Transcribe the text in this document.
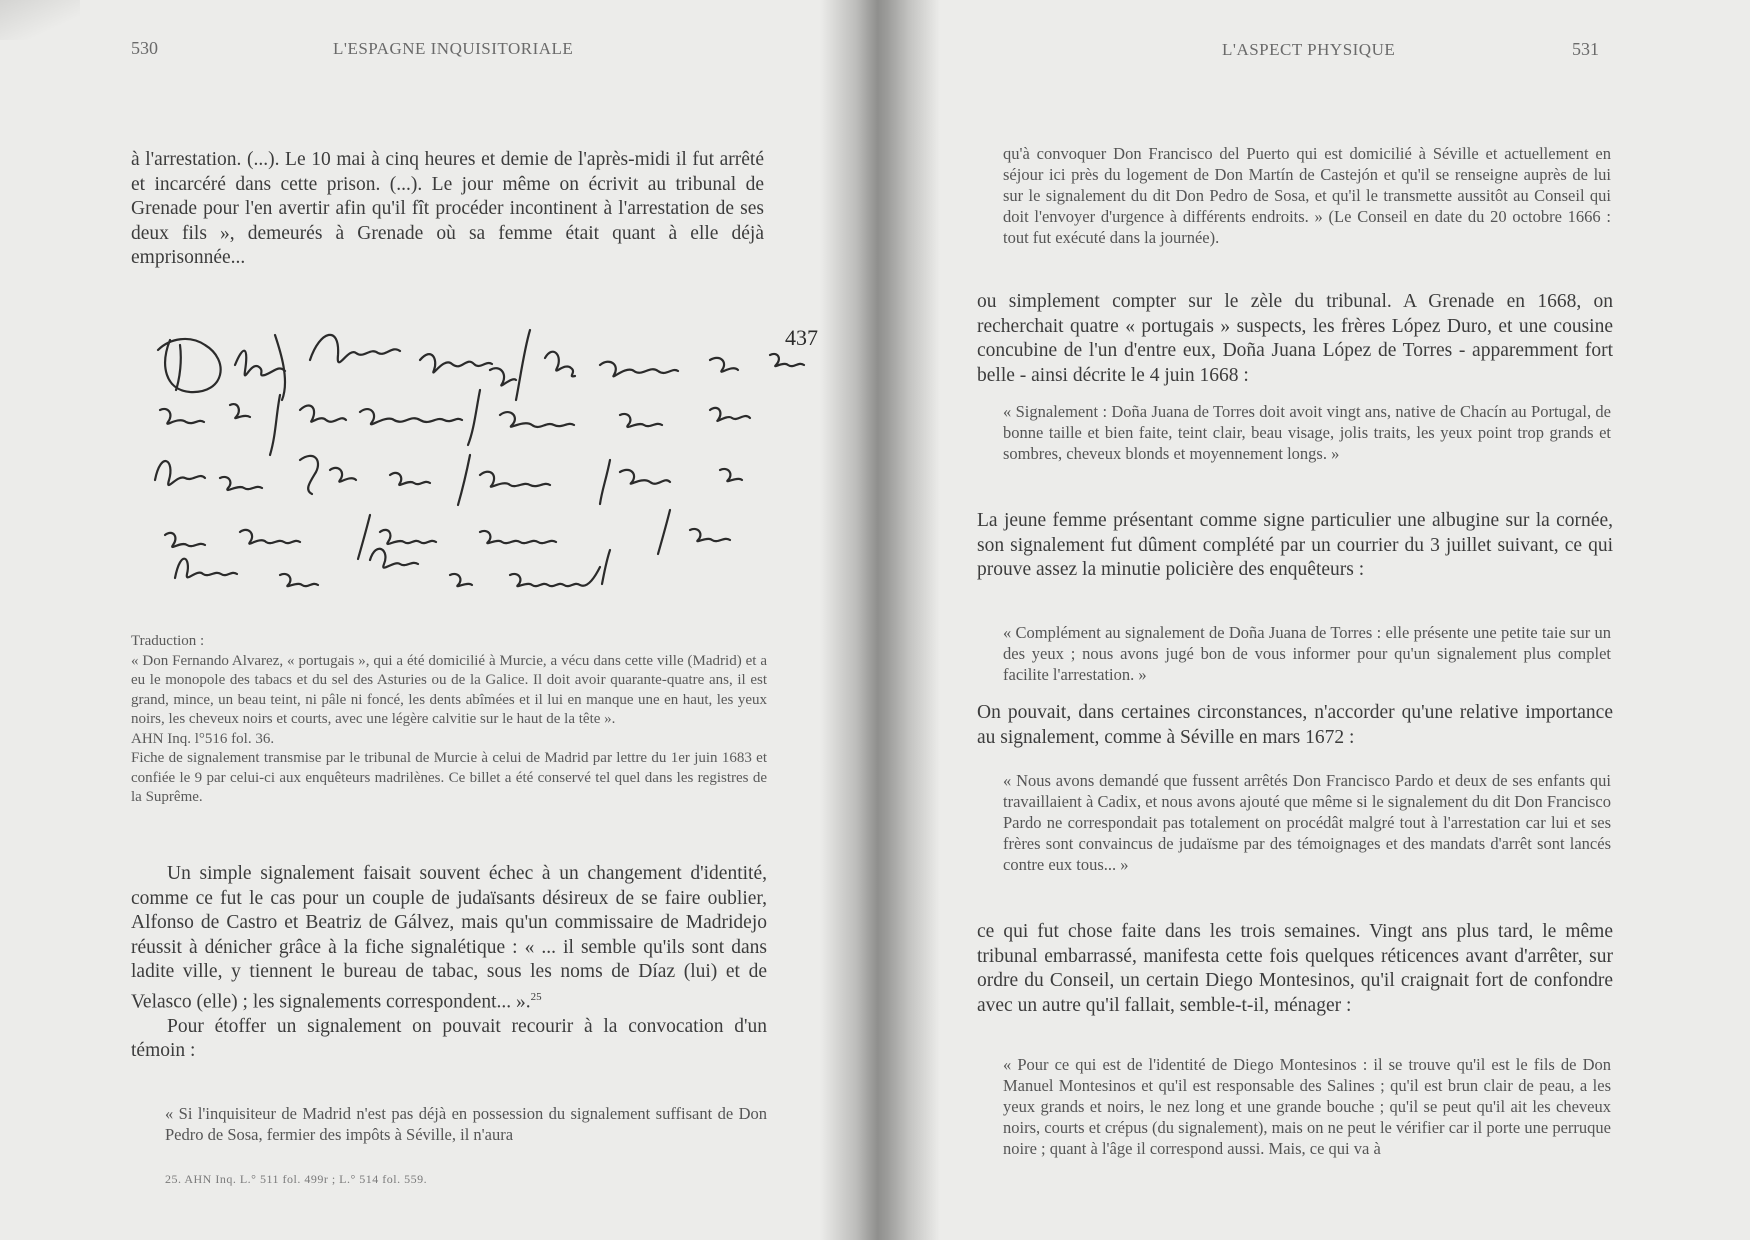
530	L'ESPAGNE INQUISITORIALE

à l'arrestation. (...). Le 10 mai à cinq heures et demie de l'après-midi il fut arrêté et incarcéré dans cette prison. (...). Le jour même on écrivit au tribunal de Grenade pour l'en avertir afin qu'il fît procéder incontinent à l'arrestation de ses deux fils », demeurés à Grenade où sa femme était quant à elle déjà emprisonnée...

437

Traduction :

« Don Fernando Alvarez, « portugais », qui a été domicilié à Murcie, a vécu dans cette ville (Madrid) et a eu le monopole des tabacs et du sel des Asturies ou de la Galice. Il doit avoir quarante-quatre ans, il est grand, mince, un beau teint, ni pâle ni foncé, les dents abîmées et il lui en manque une en haut, les yeux noirs, les cheveux noirs et courts, avec une légère calvitie sur le haut de la tête ».

AHN Inq. l°516 fol. 36.

Fiche de signalement transmise par le tribunal de Murcie à celui de Madrid par lettre du 1er juin 1683 et confiée le 9 par celui-ci aux enquêteurs madrilènes. Ce billet a été conservé tel quel dans les registres de la Suprême.

Un simple signalement faisait souvent échec à un changement d'identité, comme ce fut le cas pour un couple de judaïsants désireux de se faire oublier, Alfonso de Castro et Beatriz de Gálvez, mais qu'un commissaire de Madridejo réussit à dénicher grâce à la fiche signalétique : « ... il semble qu'ils sont dans ladite ville, y tiennent le bureau de tabac, sous les noms de Díaz (lui) et de Velasco (elle) ; les signalements correspondent... ».$^{25}$

Pour étoffer un signalement on pouvait recourir à la convocation d'un témoin :

« Si l'inquisiteur de Madrid n'est pas déjà en possession du signalement suffisant de Don Pedro de Sosa, fermier des impôts à Séville, il n'aura

25. AHN Inq. L.° 511 fol. 499r ; L.° 514 fol. 559.
L'ASPECT PHYSIQUE	531

qu'à convoquer Don Francisco del Puerto qui est domicilié à Séville et actuellement en séjour ici près du logement de Don Martín de Castejón et qu'il se renseigne auprès de lui sur le signalement du dit Don Pedro de Sosa, et qu'il le transmette aussitôt au Conseil qui doit l'envoyer d'urgence à différents endroits. » (Le Conseil en date du 20 octobre 1666 : tout fut exécuté dans la journée).

ou simplement compter sur le zèle du tribunal. A Grenade en 1668, on recherchait quatre « portugais » suspects, les frères López Duro, et une cousine concubine de l'un d'entre eux, Doña Juana López de Torres - apparemment fort belle - ainsi décrite le 4 juin 1668 :

« Signalement : Doña Juana de Torres doit avoit vingt ans, native de Chacín au Portugal, de bonne taille et bien faite, teint clair, beau visage, jolis traits, les yeux point trop grands et sombres, cheveux blonds et moyennement longs. »

La jeune femme présentant comme signe particulier une albugine sur la cornée, son signalement fut dûment complété par un courrier du 3 juillet suivant, ce qui prouve assez la minutie policière des enquêteurs :

« Complément au signalement de Doña Juana de Torres : elle présente une petite taie sur un des yeux ; nous avons jugé bon de vous informer pour qu'un signalement plus complet facilite l'arrestation. »

On pouvait, dans certaines circonstances, n'accorder qu'une relative importance au signalement, comme à Séville en mars 1672 :

« Nous avons demandé que fussent arrêtés Don Francisco Pardo et deux de ses enfants qui travaillaient à Cadix, et nous avons ajouté que même si le signalement du dit Don Francisco Pardo ne correspondait pas totalement on procédât malgré tout à l'arrestation car lui et ses frères sont convaincus de judaïsme par des témoignages et des mandats d'arrêt sont lancés contre eux tous... »

ce qui fut chose faite dans les trois semaines. Vingt ans plus tard, le même tribunal embarrassé, manifesta cette fois quelques réticences avant d'arrêter, sur ordre du Conseil, un certain Diego Montesinos, qu'il craignait fort de confondre avec un autre qu'il fallait, semble-t-il, ménager :

« Pour ce qui est de l'identité de Diego Montesinos : il se trouve qu'il est le fils de Don Manuel Montesinos et qu'il est responsable des Salines ; qu'il est brun clair de peau, a les yeux grands et noirs, le nez long et une grande bouche ; qu'il se peut qu'il ait les cheveux noirs, courts et crépus (du signalement), mais on ne peut le vérifier car il porte une perruque noire ; quant à l'âge il correspond aussi. Mais, ce qui va à
